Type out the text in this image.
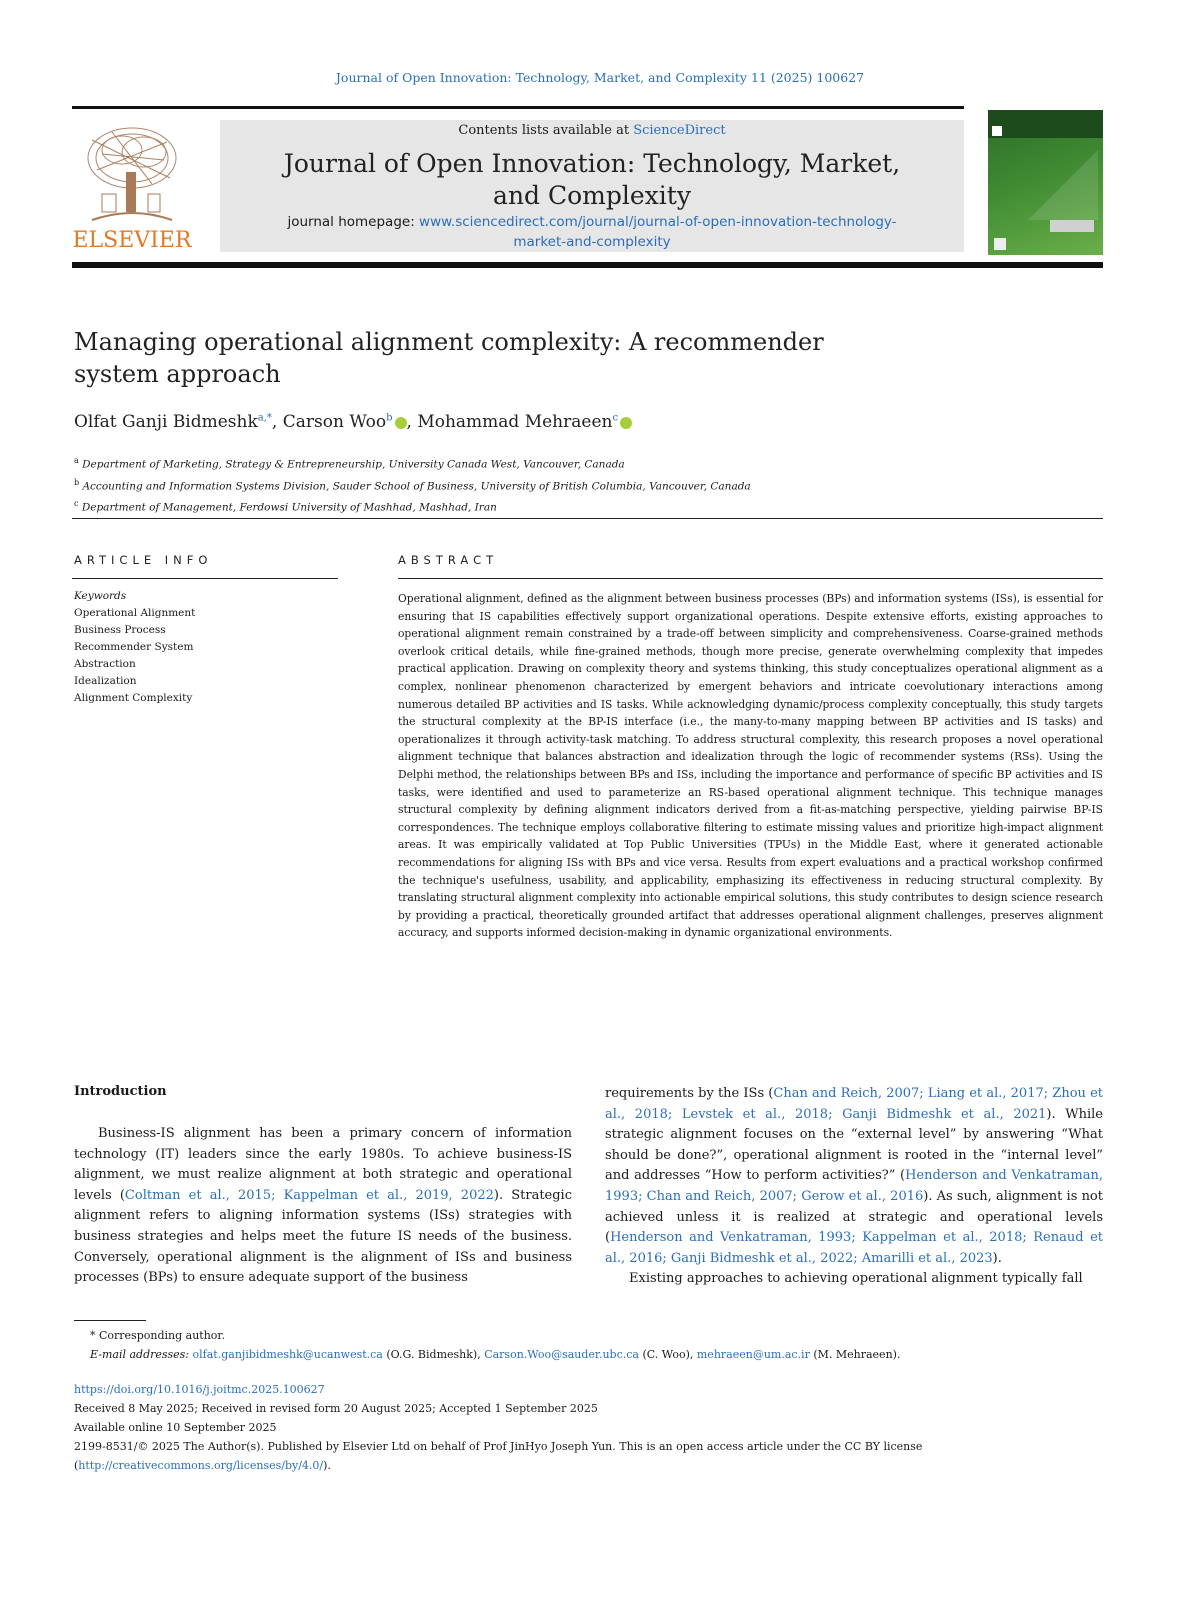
Journal of Open Innovation: Technology, Market, and Complexity 11 (2025) 100627
ELSEVIER
Contents lists available at ScienceDirect
Journal of Open Innovation: Technology, Market,
and Complexity
journal homepage: www.sciencedirect.com/journal/journal-of-open-innovation-technology-
market-and-complexity
Managing operational alignment complexity: A recommender
system approach
Olfat Ganji Bidmeshk$^{a,*}$, Carson Woo$^b$ , Mohammad Mehraeen$^c$
$^a$ Department of Marketing, Strategy & Entrepreneurship, University Canada West, Vancouver, Canada
$^b$ Accounting and Information Systems Division, Sauder School of Business, University of British Columbia, Vancouver, Canada
$^c$ Department of Management, Ferdowsi University of Mashhad, Mashhad, Iran
ARTICLE INFO
Keywords
Operational Alignment
Business Process
Recommender System
Abstraction
Idealization
Alignment Complexity
ABSTRACT
Operational alignment, defined as the alignment between business processes (BPs) and information systems (ISs), is essential for ensuring that IS capabilities effectively support organizational operations. Despite extensive efforts, existing approaches to operational alignment remain constrained by a trade-off between simplicity and comprehensiveness. Coarse-grained methods overlook critical details, while fine-grained methods, though more precise, generate overwhelming complexity that impedes practical application. Drawing on complexity theory and systems thinking, this study conceptualizes operational alignment as a complex, nonlinear phenomenon characterized by emergent behaviors and intricate coevolutionary interactions among numerous detailed BP activities and IS tasks. While acknowledging dynamic/process complexity conceptually, this study targets the structural complexity at the BP-IS interface (i.e., the many-to-many mapping between BP activities and IS tasks) and operationalizes it through activity-task matching. To address structural complexity, this research proposes a novel operational alignment technique that balances abstraction and idealization through the logic of recommender systems (RSs). Using the Delphi method, the relationships between BPs and ISs, including the importance and performance of specific BP activities and IS tasks, were identified and used to parameterize an RS-based operational alignment technique. This technique manages structural complexity by defining alignment indicators derived from a fit-as-matching perspective, yielding pairwise BP-IS correspondences. The technique employs collaborative filtering to estimate missing values and prioritize high-impact alignment areas. It was empirically validated at Top Public Universities (TPUs) in the Middle East, where it generated actionable recommendations for aligning ISs with BPs and vice versa. Results from expert evaluations and a practical workshop confirmed the technique's usefulness, usability, and applicability, emphasizing its effectiveness in reducing structural complexity. By translating structural alignment complexity into actionable empirical solutions, this study contributes to design science research by providing a practical, theoretically grounded artifact that addresses operational alignment challenges, preserves alignment accuracy, and supports informed decision-making in dynamic organizational environments.
Introduction
Business-IS alignment has been a primary concern of information technology (IT) leaders since the early 1980s. To achieve business-IS alignment, we must realize alignment at both strategic and operational levels (Coltman et al., 2015; Kappelman et al., 2019, 2022). Strategic alignment refers to aligning information systems (ISs) strategies with business strategies and helps meet the future IS needs of the business. Conversely, operational alignment is the alignment of ISs and business processes (BPs) to ensure adequate support of the business
requirements by the ISs (Chan and Reich, 2007; Liang et al., 2017; Zhou et al., 2018; Levstek et al., 2018; Ganji Bidmeshk et al., 2021). While strategic alignment focuses on the “external level” by answering “What should be done?”, operational alignment is rooted in the “internal level” and addresses “How to perform activities?” (Henderson and Venkatraman, 1993; Chan and Reich, 2007; Gerow et al., 2016). As such, alignment is not achieved unless it is realized at strategic and operational levels (Henderson and Venkatraman, 1993; Kappelman et al., 2018; Renaud et al., 2016; Ganji Bidmeshk et al., 2022; Amarilli et al., 2023).
Existing approaches to achieving operational alignment typically fall
* Corresponding author.
E-mail addresses: olfat.ganjibidmeshk@ucanwest.ca (O.G. Bidmeshk), Carson.Woo@sauder.ubc.ca (C. Woo), mehraeen@um.ac.ir (M. Mehraeen).
https://doi.org/10.1016/j.joitmc.2025.100627
Received 8 May 2025; Received in revised form 20 August 2025; Accepted 1 September 2025
Available online 10 September 2025
2199-8531/© 2025 The Author(s). Published by Elsevier Ltd on behalf of Prof JinHyo Joseph Yun. This is an open access article under the CC BY license
(http://creativecommons.org/licenses/by/4.0/).
